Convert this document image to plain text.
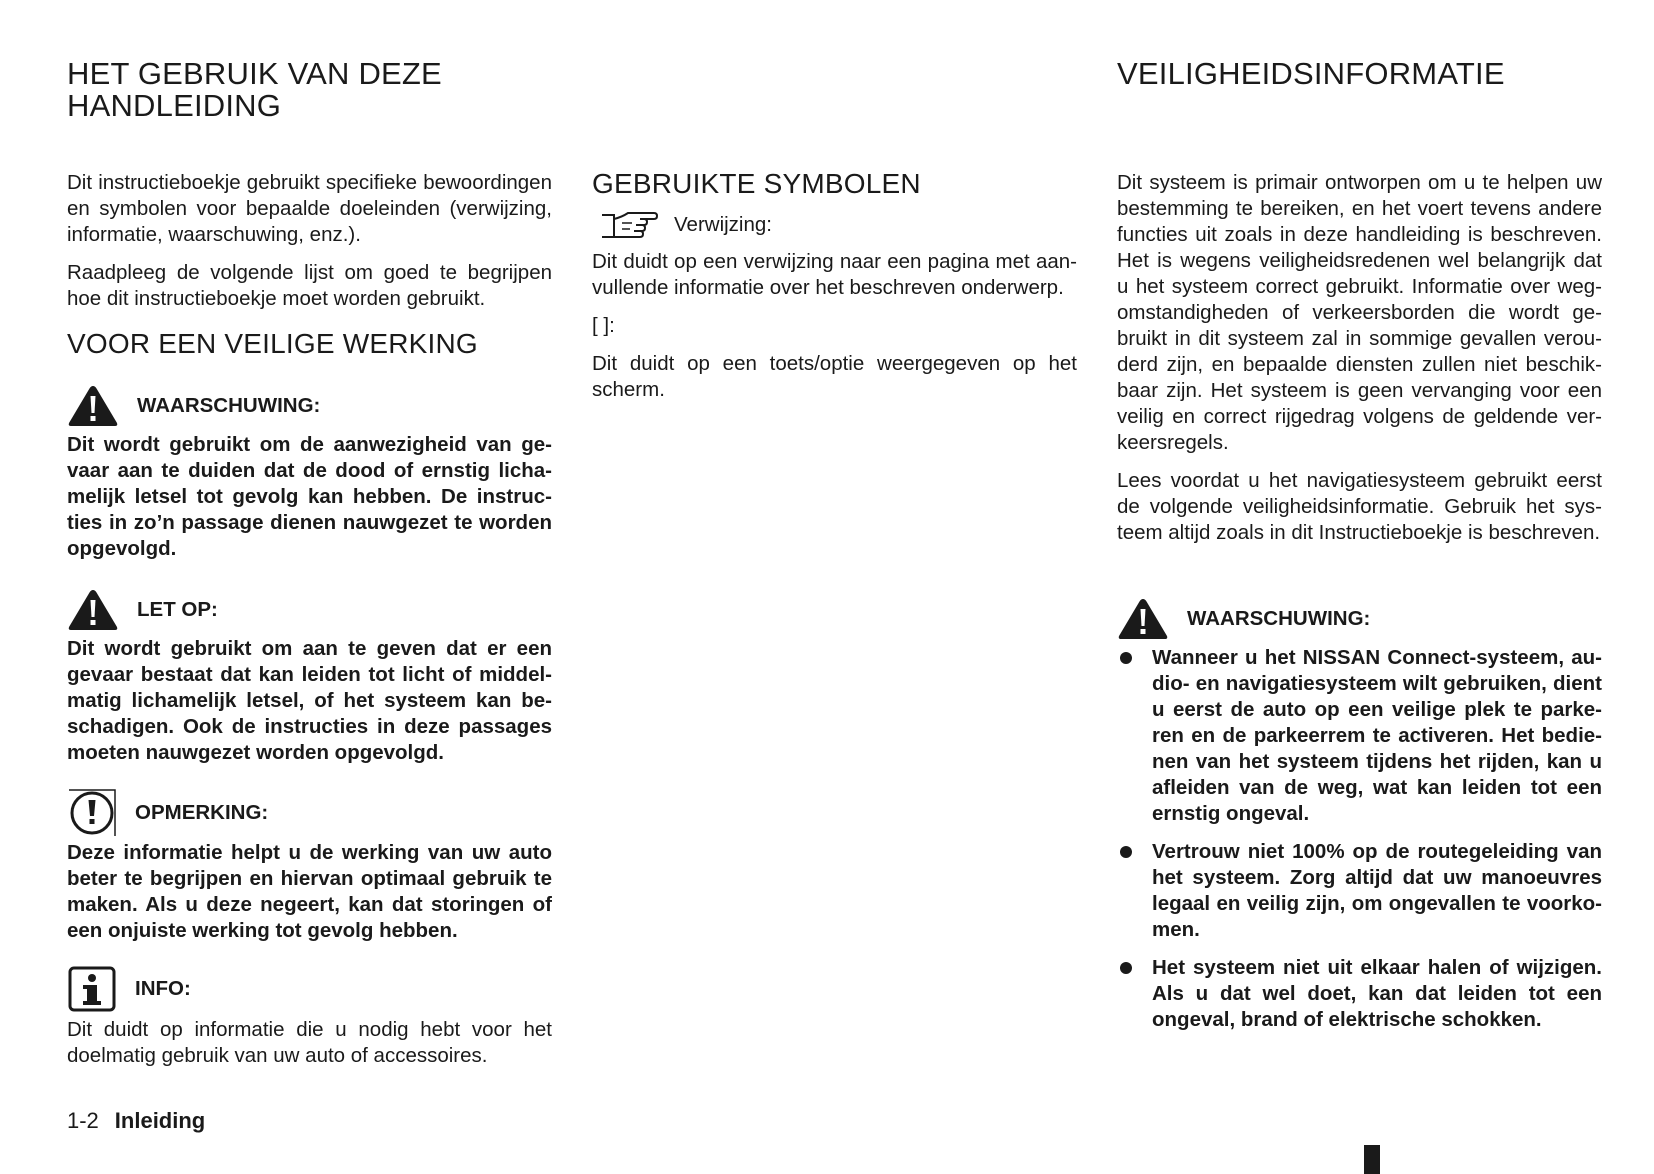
HET GEBRUIK VAN DEZE
HANDLEIDING

Dit instructieboekje gebruikt specifieke bewoordingen en symbolen voor bepaalde doeleinden (verwijzing, informatie, waarschuwing, enz.).

Raadpleeg de volgende lijst om goed te begrijpen hoe dit instructieboekje moet worden gebruikt.

VOOR EEN VEILIGE WERKING
WAARSCHUWING:

Dit wordt gebruikt om de aanwezigheid van gevaar aan te duiden dat de dood of ernstig lichamelijk letsel tot gevolg kan hebben. De instructies in zo’n passage dienen nauwgezet te worden opgevolgd.

LET OP:

Dit wordt gebruikt om aan te geven dat er een gevaar bestaat dat kan leiden tot licht of middelmatig lichamelijk letsel, of het systeem kan beschadigen. Ook de instructies in deze passages moeten nauwgezet worden opgevolgd.

OPMERKING:

Deze informatie helpt u de werking van uw auto beter te begrijpen en hiervan optimaal gebruik te maken. Als u deze negeert, kan dat storingen of een onjuiste werking tot gevolg hebben.

INFO:

Dit duidt op informatie die u nodig hebt voor het doelmatig gebruik van uw auto of accessoires.

GEBRUIKTE SYMBOLEN
Verwijzing:

Dit duidt op een verwijzing naar een pagina met aanvullende informatie over het beschreven onderwerp.

[ ]:

Dit duidt op een toets/optie weergegeven op het scherm.

VEILIGHEIDSINFORMATIE

Dit systeem is primair ontworpen om u te helpen uw bestemming te bereiken, en het voert tevens andere functies uit zoals in deze handleiding is beschreven. Het is wegens veiligheidsredenen wel belangrijk dat u het systeem correct gebruikt. Informatie over wegomstandigheden of verkeersborden die wordt gebruikt in dit systeem zal in sommige gevallen verouderd zijn, en bepaalde diensten zullen niet beschikbaar zijn. Het systeem is geen vervanging voor een veilig en correct rijgedrag volgens de geldende verkeersregels.

Lees voordat u het navigatiesysteem gebruikt eerst de volgende veiligheidsinformatie. Gebruik het systeem altijd zoals in dit Instructieboekje is beschreven.

WAARSCHUWING:
Wanneer u het NISSAN Connect-systeem, audio- en navigatiesysteem wilt gebruiken, dient u eerst de auto op een veilige plek te parkeren en de parkeerrem te activeren. Het bedienen van het systeem tijdens het rijden, kan u afleiden van de weg, wat kan leiden tot een ernstig ongeval.
Vertrouw niet 100% op de routegeleiding van het systeem. Zorg altijd dat uw manoeuvres legaal en veilig zijn, om ongevallen te voorkomen.
Het systeem niet uit elkaar halen of wijzigen. Als u dat wel doet, kan dat leiden tot een ongeval, brand of elektrische schokken.
1-2 Inleiding
